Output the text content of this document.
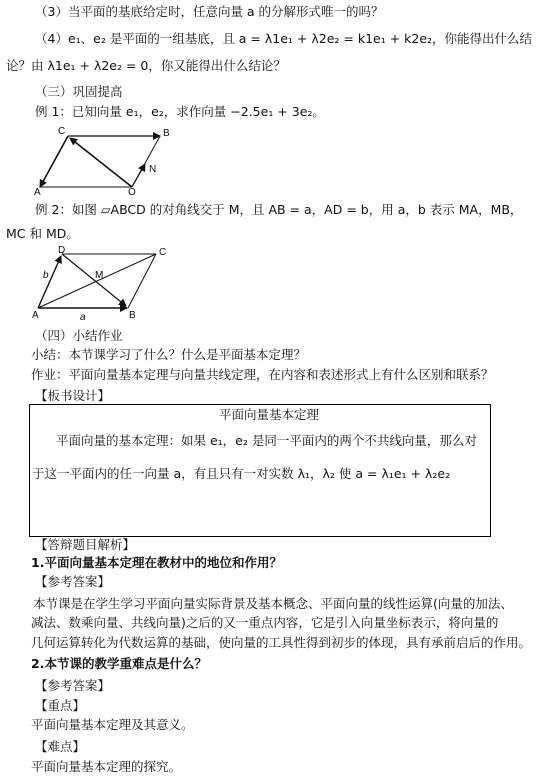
（3）当平面的基底给定时，任意向量 a 的分解形式唯一的吗？
（4）e₁、e₂ 是平面的一组基底，且 a = λ1e₁ + λ2e₂ = k1e₁ + k2e₂，你能得出什么结
论？由 λ1e₁ + λ2e₂ = 0，你又能得出什么结论？
（三）巩固提高
例 1：已知向量 e₁，e₂，求作向量 −2.5e₁ + 3e₂。
C	B
N
A	O
例 2：如图 ▱ABCD 的对角线交于 M，且 AB = a，AD = b，用 a，b 表示 MA，MB，
MC 和 MD。
D	C
M
b
a
A	B
（四）小结作业
小结：本节课学习了什么？什么是平面基本定理？
作业：平面向量基本定理与向量共线定理，在内容和表述形式上有什么区别和联系？
【板书设计】
平面向量基本定理
平面向量的基本定理：如果 e₁，e₂ 是同一平面内的两个不共线向量，那么对
于这一平面内的任一向量 a，有且只有一对实数 λ₁，λ₂ 使 a = λ₁e₁ + λ₂e₂
【答辩题目解析】
1.平面向量基本定理在教材中的地位和作用？
【参考答案】
本节课是在学生学习平面向量实际背景及基本概念、平面向量的线性运算(向量的加法、
减法、数乘向量、共线向量)之后的又一重点内容，它是引入向量坐标表示，将向量的
几何运算转化为代数运算的基础，使向量的工具性得到初步的体现，具有承前启后的作用。
2.本节课的教学重难点是什么？
【参考答案】
【重点】
平面向量基本定理及其意义。
【难点】
平面向量基本定理的探究。
